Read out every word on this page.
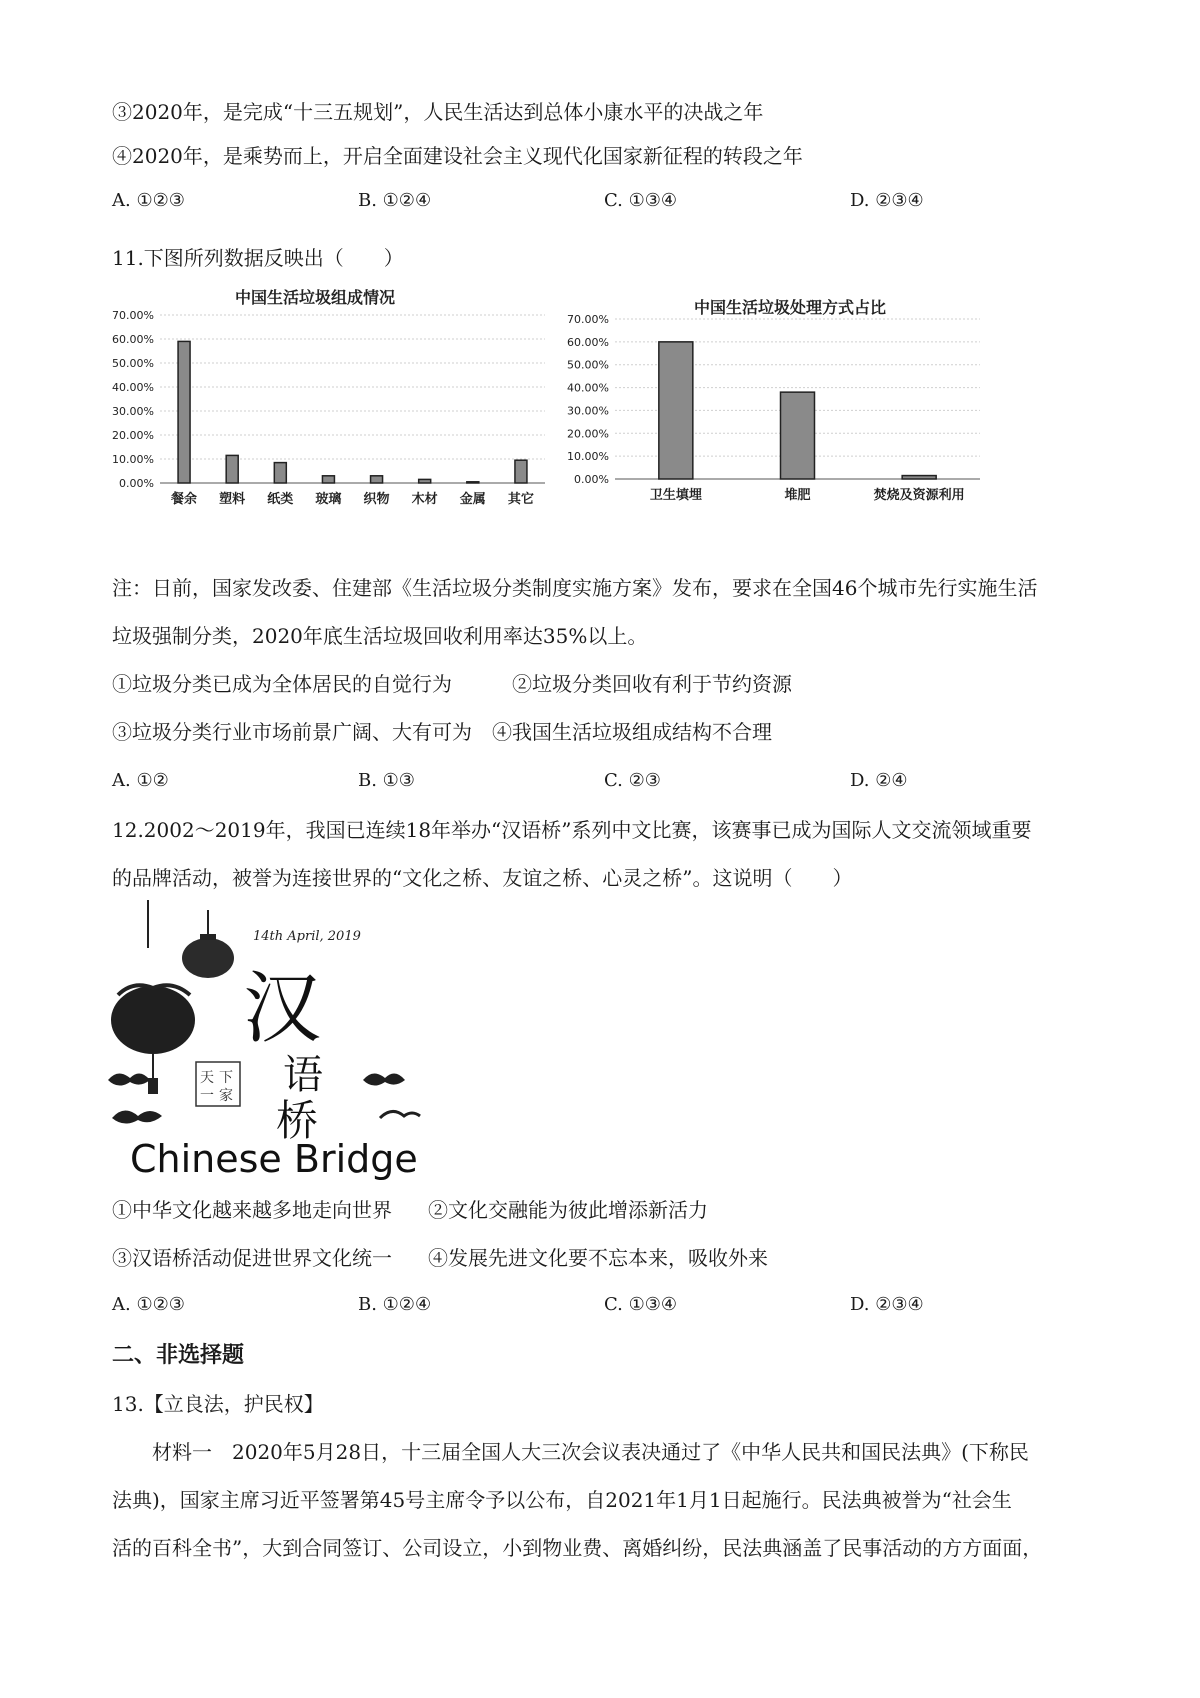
③2020年，是完成“十三五规划”，人民生活达到总体小康水平的决战之年
④2020年，是乘势而上，开启全面建设社会主义现代化国家新征程的转段之年
A. ①②③	B. ①②④	C. ①③④	D. ②③④
11.下图所列数据反映出（　　）
中国生活垃圾组成情况
0.00%
10.00%
20.00%
30.00%
40.00%
50.00%
60.00%
70.00%
餐余 塑料 纸类 玻璃 织物 木材 金属 其它
中国生活垃圾处理方式占比
0.00%
10.00%
20.00%
30.00%
40.00%
50.00%
60.00%
70.00%
卫生填埋	堆肥	焚烧及资源利用
注：日前，国家发改委、住建部《生活垃圾分类制度实施方案》发布，要求在全国46个城市先行实施生活
垃圾强制分类，2020年底生活垃圾回收利用率达35%以上。
①垃圾分类已成为全体居民的自觉行为	②垃圾分类回收有利于节约资源
③垃圾分类行业市场前景广阔、大有可为 ④我国生活垃圾组成结构不合理
A. ①②	B. ①③	C. ②③	D. ②④
12.2002～2019年，我国已连续18年举办“汉语桥”系列中文比赛，该赛事已成为国际人文交流领域重要
的品牌活动，被誉为连接世界的“文化之桥、友谊之桥、心灵之桥”。这说明（　　）
14th April, 2019
汉
语
桥
天 下
一 家
Chinese Bridge
①中华文化越来越多地走向世界 ②文化交融能为彼此增添新活力
③汉语桥活动促进世界文化统一 ④发展先进文化要不忘本来，吸收外来
A. ①②③	B. ①②④	C. ①③④	D. ②③④
二、非选择题
13.【立良法，护民权】
　　材料一　2020年5月28日，十三届全国人大三次会议表决通过了《中华人民共和国民法典》(下称民
法典)，国家主席习近平签署第45号主席令予以公布，自2021年1月1日起施行。民法典被誉为“社会生
活的百科全书”，大到合同签订、公司设立，小到物业费、离婚纠纷，民法典涵盖了民事活动的方方面面，
